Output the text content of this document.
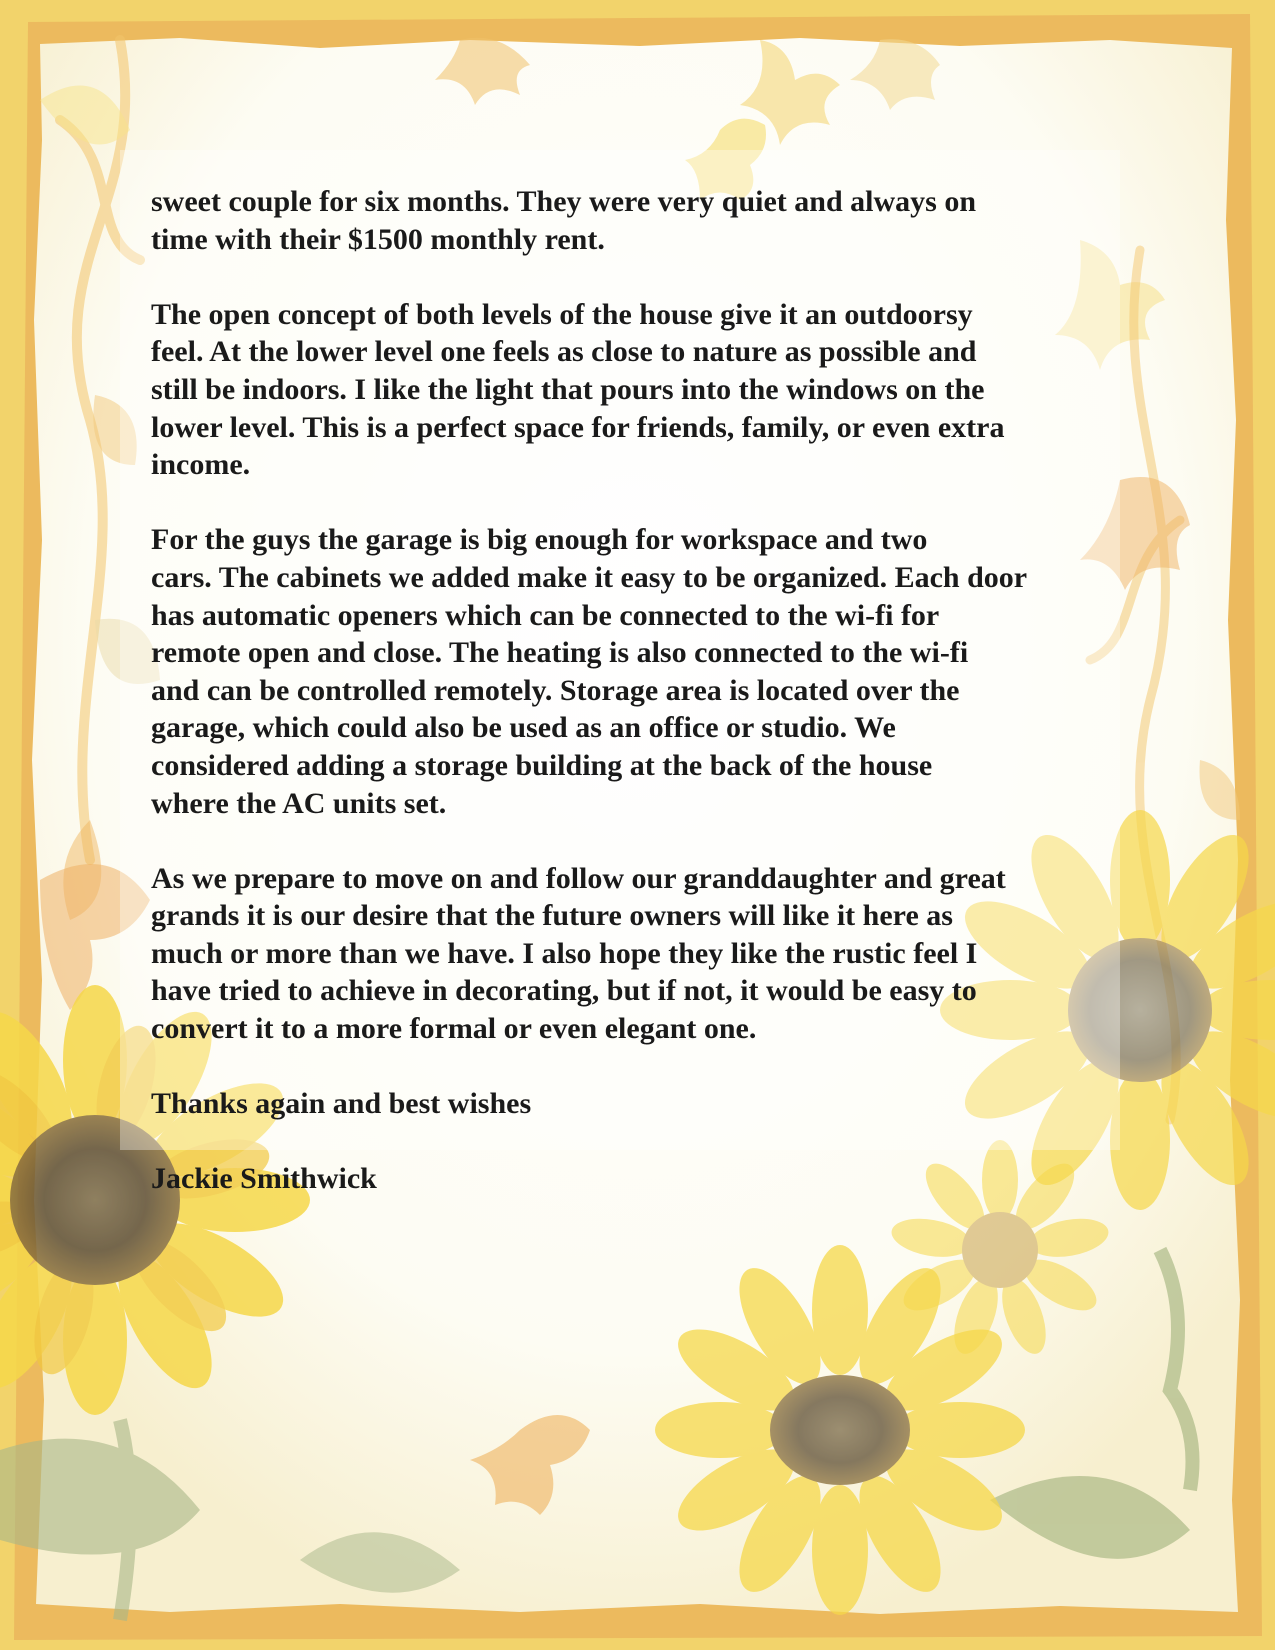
sweet couple for six months. They were very quiet and always on
time with their $1500 monthly rent.
The open concept of both levels of the house give it an outdoorsy
feel. At the lower level one feels as close to nature as possible and
still be indoors. I like the light that pours into the windows on the
lower level. This is a perfect space for friends, family, or even extra
income.
For the guys the garage is big enough for workspace and two
cars. The cabinets we added make it easy to be organized. Each door
has automatic openers which can be connected to the wi-fi for
remote open and close. The heating is also connected to the wi-fi
and can be controlled remotely. Storage area is located over the
garage, which could also be used as an office or studio. We
considered adding a storage building at the back of the house
where the AC units set.
As we prepare to move on and follow our granddaughter and great
grands it is our desire that the future owners will like it here as
much or more than we have. I also hope they like the rustic feel I
have tried to achieve in decorating, but if not, it would be easy to
convert it to a more formal or even elegant one.
Thanks again and best wishes
Jackie Smithwick
